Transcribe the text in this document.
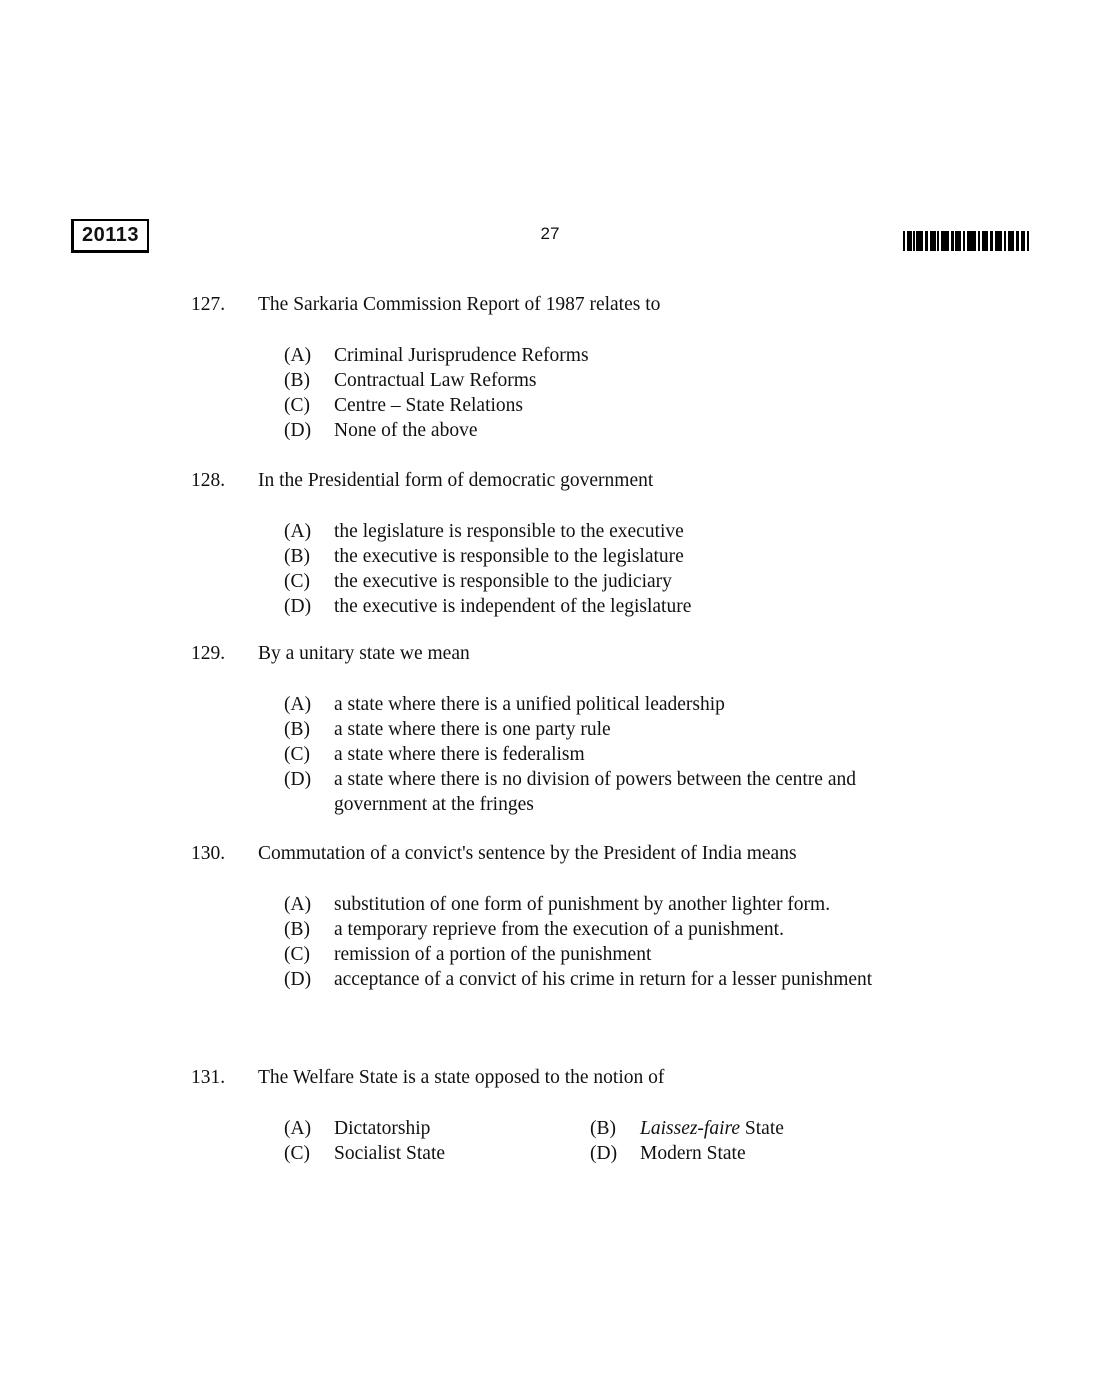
20113	27
127. The Sarkaria Commission Report of 1987 relates to
(A) Criminal Jurisprudence Reforms
(B) Contractual Law Reforms
(C) Centre – State Relations
(D) None of the above
128. In the Presidential form of democratic government
(A) the legislature is responsible to the executive
(B) the executive is responsible to the legislature
(C) the executive is responsible to the judiciary
(D) the executive is independent of the legislature
129. By a unitary state we mean
(A) a state where there is a unified political leadership
(B) a state where there is one party rule
(C) a state where there is federalism
(D) a state where there is no division of powers between the centre and government at the fringes
130. Commutation of a convict's sentence by the President of India means
(A) substitution of one form of punishment by another lighter form.
(B) a temporary reprieve from the execution of a punishment.
(C) remission of a portion of the punishment
(D) acceptance of a convict of his crime in return for a lesser punishment
131. The Welfare State is a state opposed to the notion of
(A) Dictatorship	(B) Laissez-faire State
(C) Socialist State	(D) Modern State
